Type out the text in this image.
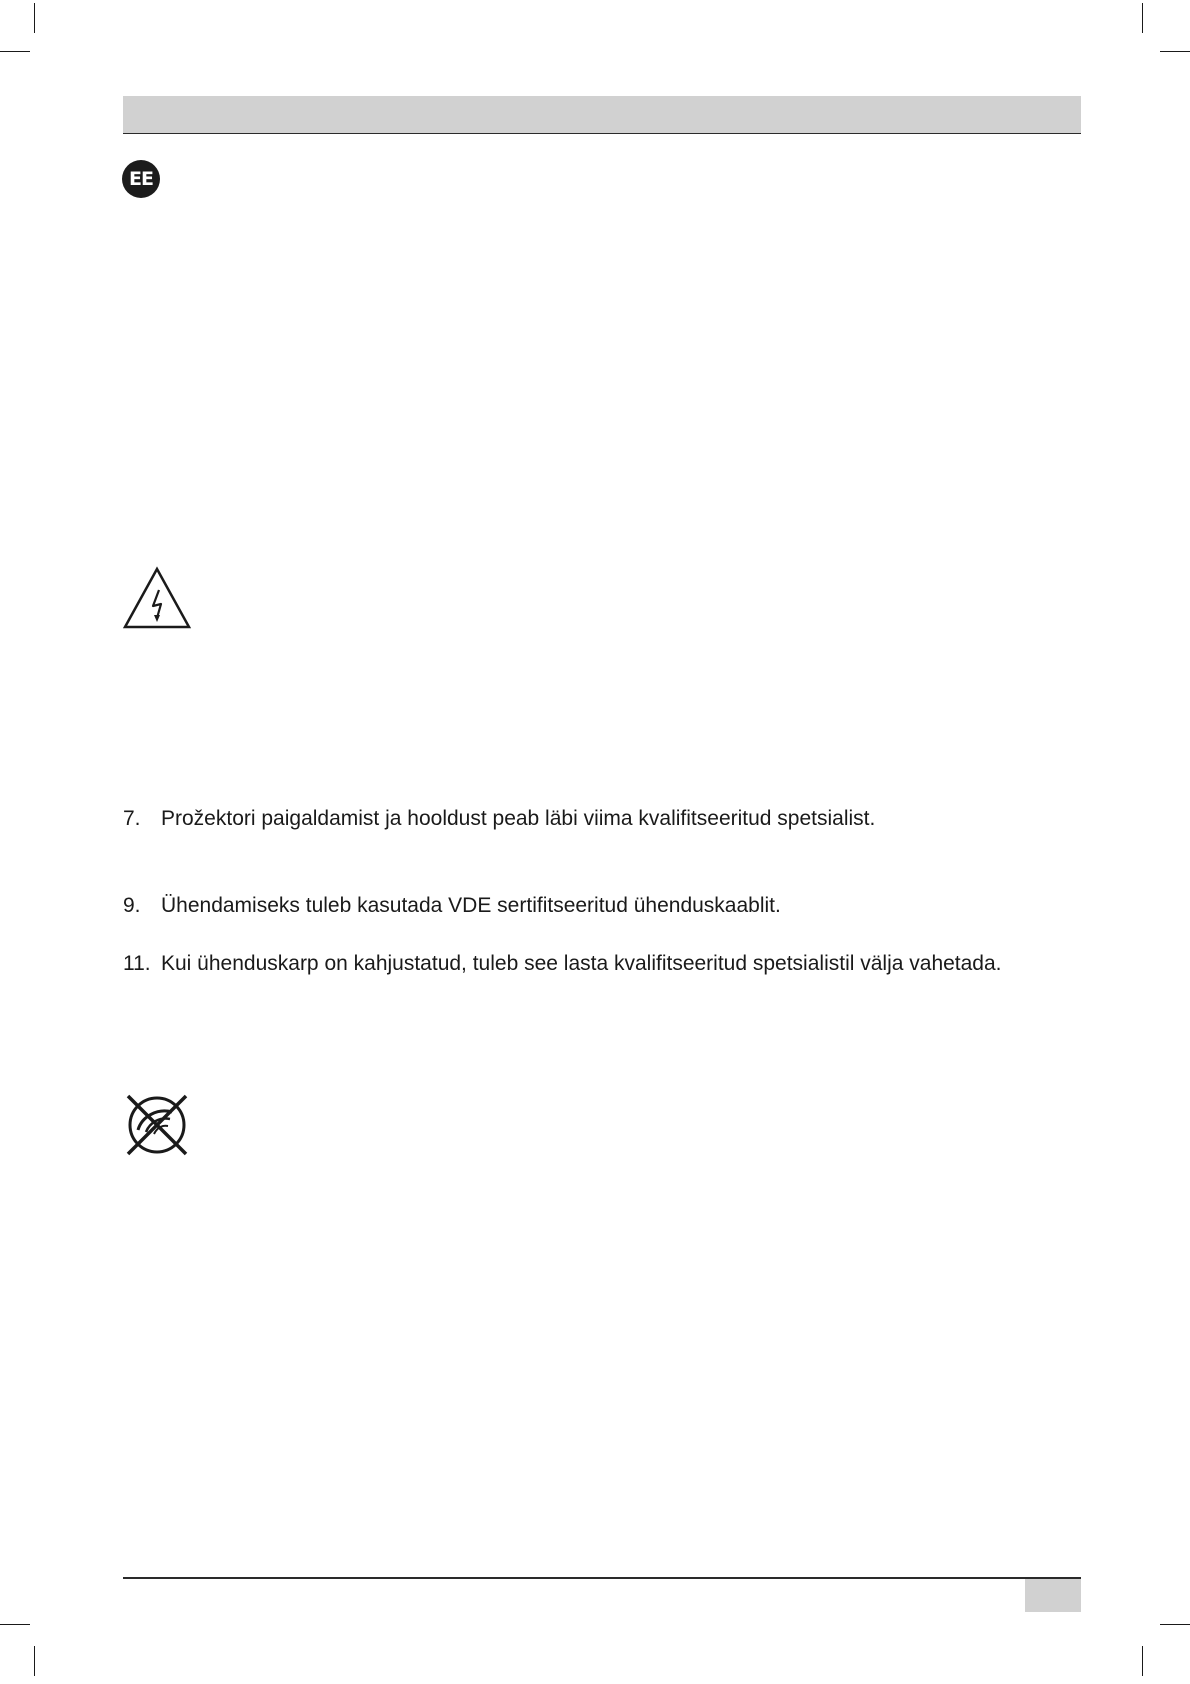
EE
7. Prožektori paigaldamist ja hooldust peab läbi viima kvalifitseeritud spetsialist.
9. Ühendamiseks tuleb kasutada VDE sertifitseeritud ühenduskaablit.
11. Kui ühenduskarp on kahjustatud, tuleb see lasta kvalifitseeritud spetsialistil välja vahetada.
